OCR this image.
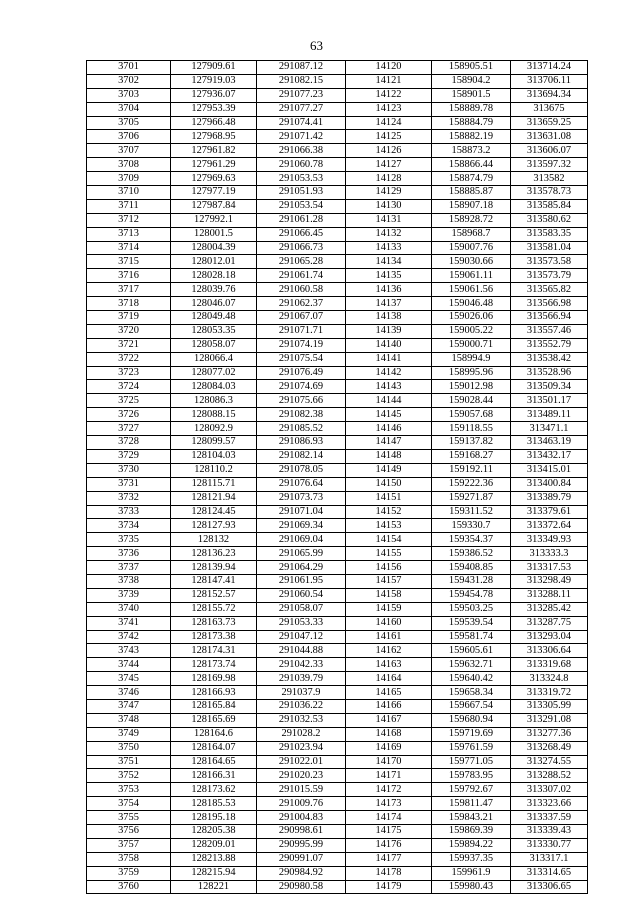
63
3701	127909.61	291087.12	14120	158905.51	313714.24
3702	127919.03	291082.15	14121	158904.2	313706.11
3703	127936.07	291077.23	14122	158901.5	313694.34
3704	127953.39	291077.27	14123	158889.78	313675
3705	127966.48	291074.41	14124	158884.79	313659.25
3706	127968.95	291071.42	14125	158882.19	313631.08
3707	127961.82	291066.38	14126	158873.2	313606.07
3708	127961.29	291060.78	14127	158866.44	313597.32
3709	127969.63	291053.53	14128	158874.79	313582
3710	127977.19	291051.93	14129	158885.87	313578.73
3711	127987.84	291053.54	14130	158907.18	313585.84
3712	127992.1	291061.28	14131	158928.72	313580.62
3713	128001.5	291066.45	14132	158968.7	313583.35
3714	128004.39	291066.73	14133	159007.76	313581.04
3715	128012.01	291065.28	14134	159030.66	313573.58
3716	128028.18	291061.74	14135	159061.11	313573.79
3717	128039.76	291060.58	14136	159061.56	313565.82
3718	128046.07	291062.37	14137	159046.48	313566.98
3719	128049.48	291067.07	14138	159026.06	313566.94
3720	128053.35	291071.71	14139	159005.22	313557.46
3721	128058.07	291074.19	14140	159000.71	313552.79
3722	128066.4	291075.54	14141	158994.9	313538.42
3723	128077.02	291076.49	14142	158995.96	313528.96
3724	128084.03	291074.69	14143	159012.98	313509.34
3725	128086.3	291075.66	14144	159028.44	313501.17
3726	128088.15	291082.38	14145	159057.68	313489.11
3727	128092.9	291085.52	14146	159118.55	313471.1
3728	128099.57	291086.93	14147	159137.82	313463.19
3729	128104.03	291082.14	14148	159168.27	313432.17
3730	128110.2	291078.05	14149	159192.11	313415.01
3731	128115.71	291076.64	14150	159222.36	313400.84
3732	128121.94	291073.73	14151	159271.87	313389.79
3733	128124.45	291071.04	14152	159311.52	313379.61
3734	128127.93	291069.34	14153	159330.7	313372.64
3735	128132	291069.04	14154	159354.37	313349.93
3736	128136.23	291065.99	14155	159386.52	313333.3
3737	128139.94	291064.29	14156	159408.85	313317.53
3738	128147.41	291061.95	14157	159431.28	313298.49
3739	128152.57	291060.54	14158	159454.78	313288.11
3740	128155.72	291058.07	14159	159503.25	313285.42
3741	128163.73	291053.33	14160	159539.54	313287.75
3742	128173.38	291047.12	14161	159581.74	313293.04
3743	128174.31	291044.88	14162	159605.61	313306.64
3744	128173.74	291042.33	14163	159632.71	313319.68
3745	128169.98	291039.79	14164	159640.42	313324.8
3746	128166.93	291037.9	14165	159658.34	313319.72
3747	128165.84	291036.22	14166	159667.54	313305.99
3748	128165.69	291032.53	14167	159680.94	313291.08
3749	128164.6	291028.2	14168	159719.69	313277.36
3750	128164.07	291023.94	14169	159761.59	313268.49
3751	128164.65	291022.01	14170	159771.05	313274.55
3752	128166.31	291020.23	14171	159783.95	313288.52
3753	128173.62	291015.59	14172	159792.67	313307.02
3754	128185.53	291009.76	14173	159811.47	313323.66
3755	128195.18	291004.83	14174	159843.21	313337.59
3756	128205.38	290998.61	14175	159869.39	313339.43
3757	128209.01	290995.99	14176	159894.22	313330.77
3758	128213.88	290991.07	14177	159937.35	313317.1
3759	128215.94	290984.92	14178	159961.9	313314.65
3760	128221	290980.58	14179	159980.43	313306.65
